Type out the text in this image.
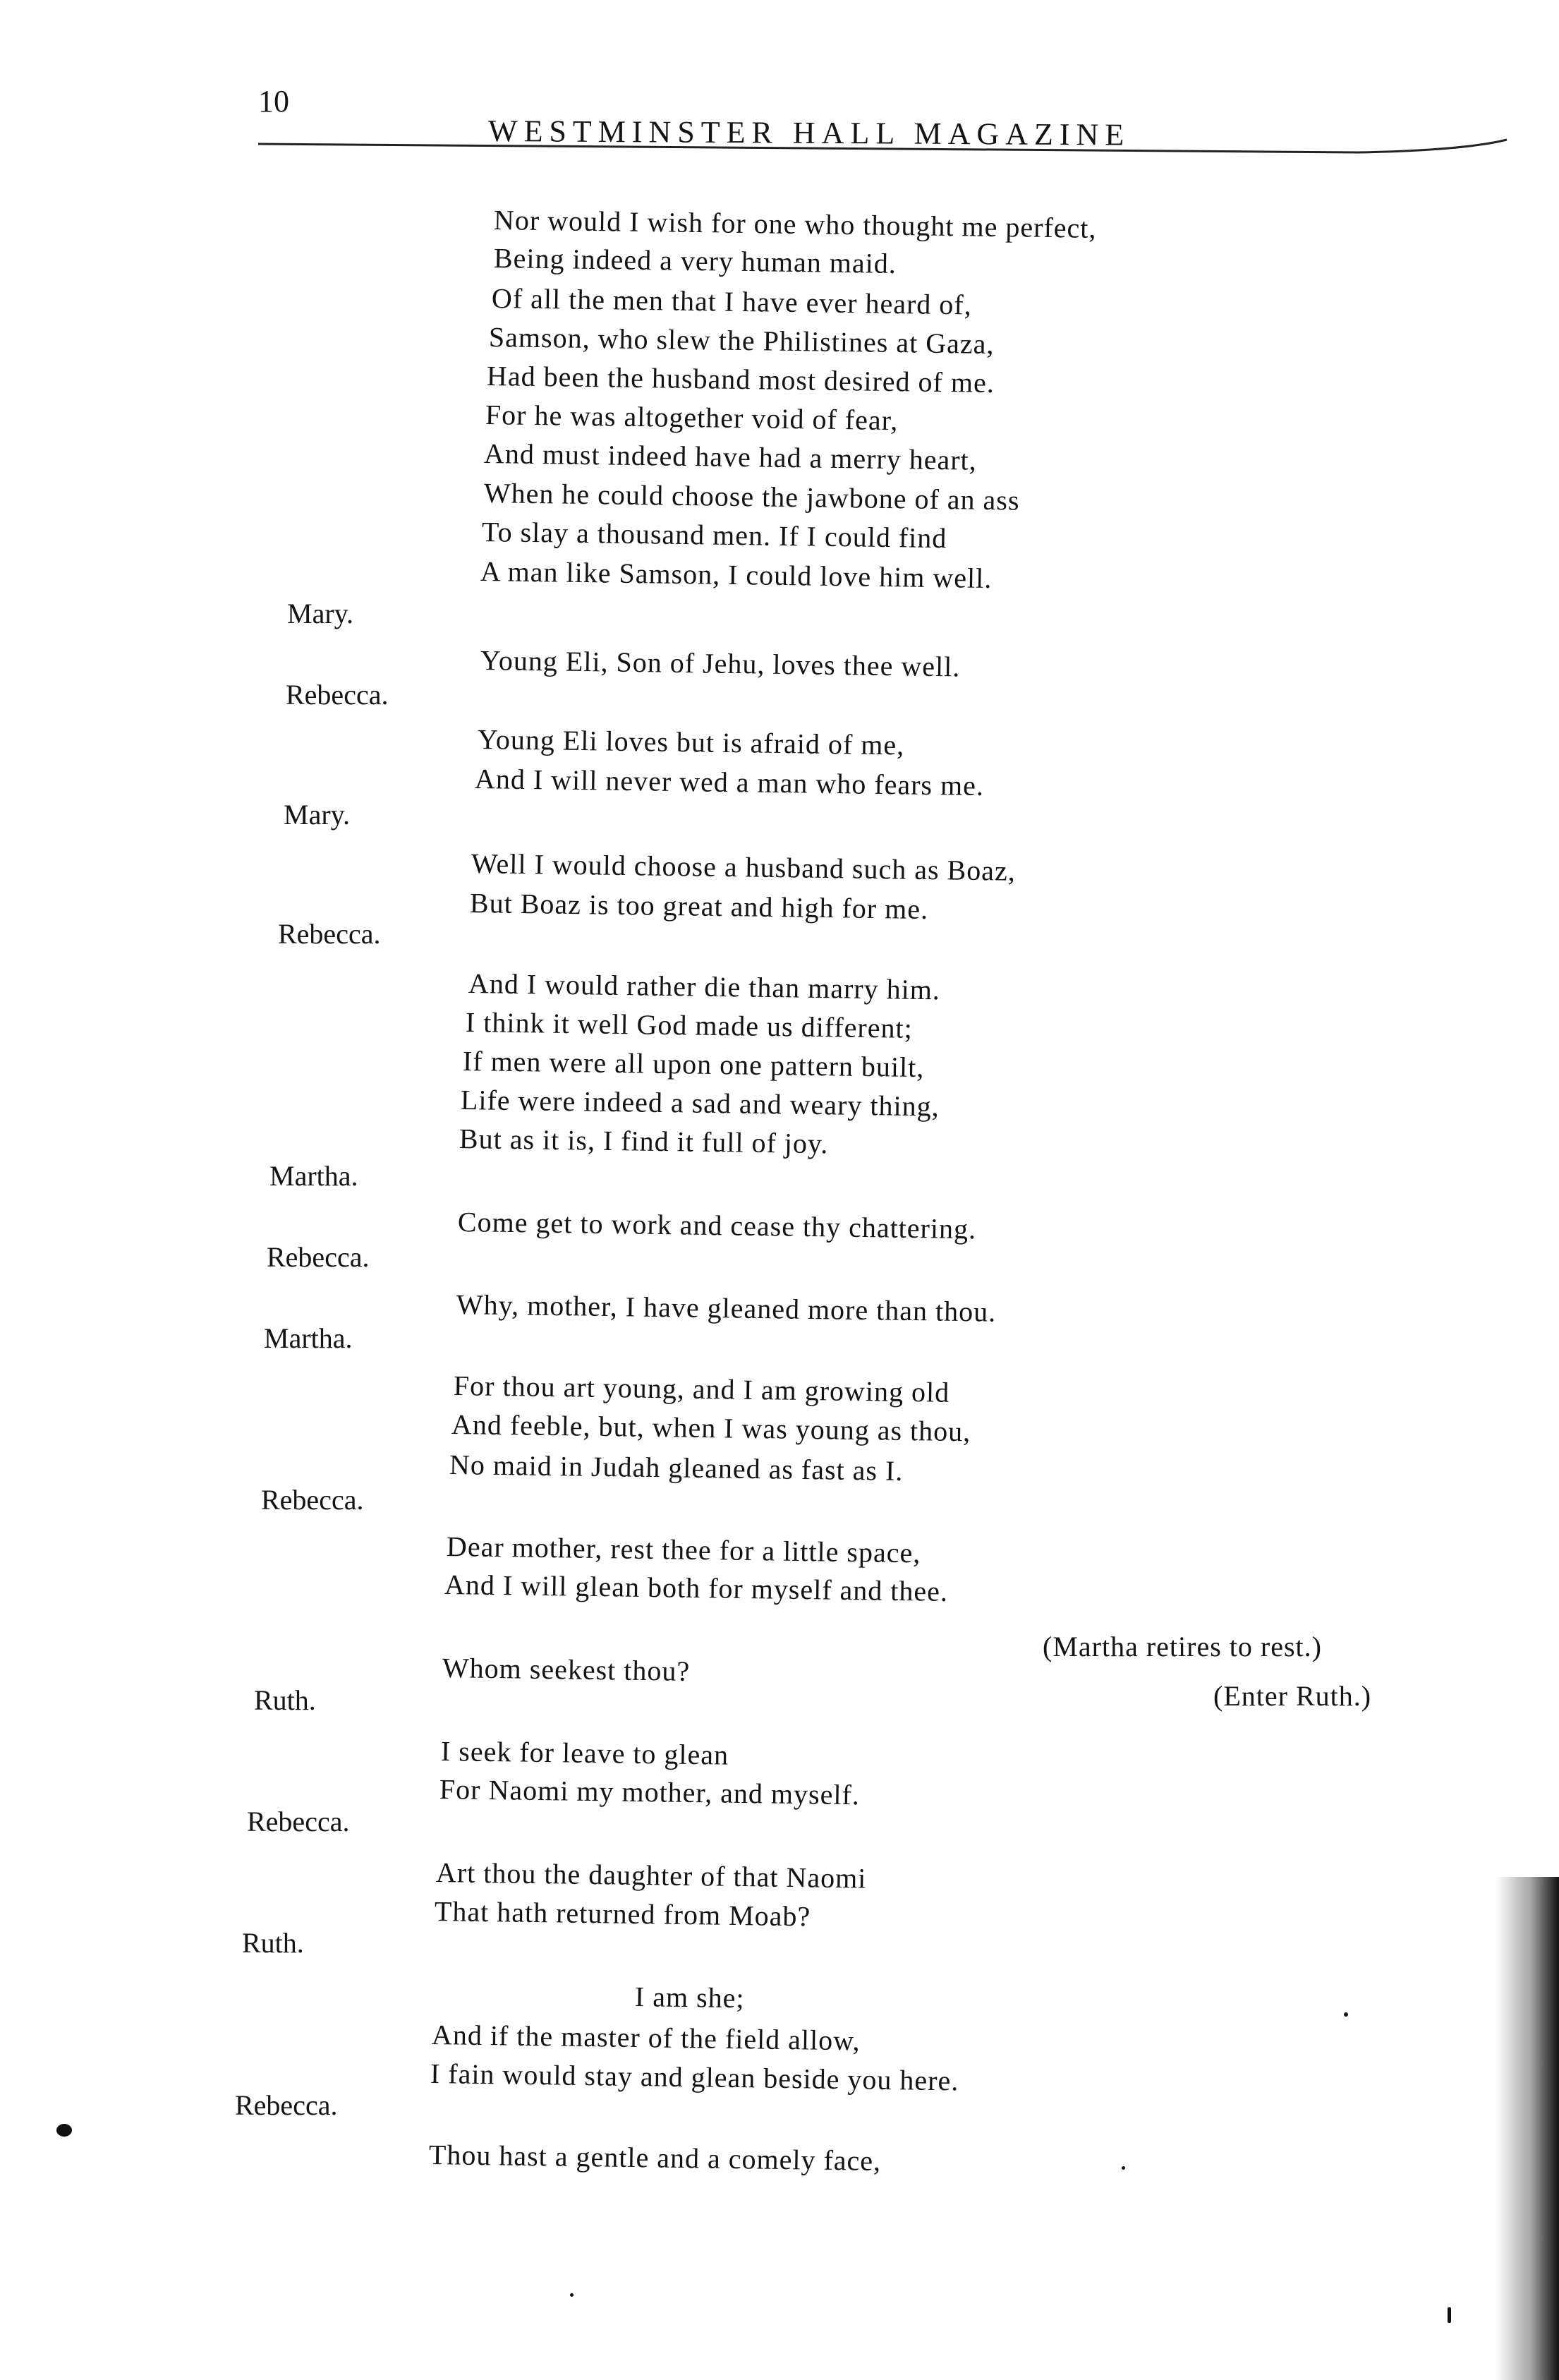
10
WESTMINSTER HALL MAGAZINE
Mary.
Rebecca.
Mary.
Rebecca.
Martha.
Rebecca.
Martha.
Rebecca.
Ruth.
Rebecca.
Ruth.
Rebecca.
Nor would I wish for one who thought me perfect,
Being indeed a very human maid.
Of all the men that I have ever heard of,
Samson, who slew the Philistines at Gaza,
Had been the husband most desired of me.
For he was altogether void of fear,
And must indeed have had a merry heart,
When he could choose the jawbone of an ass
To slay a thousand men. If I could find
A man like Samson, I could love him well.
Young Eli, Son of Jehu, loves thee well.
Young Eli loves but is afraid of me,
And I will never wed a man who fears me.
Well I would choose a husband such as Boaz,
But Boaz is too great and high for me.
And I would rather die than marry him.
I think it well God made us different;
If men were all upon one pattern built,
Life were indeed a sad and weary thing,
But as it is, I find it full of joy.
Come get to work and cease thy chattering.
Why, mother, I have gleaned more than thou.
For thou art young, and I am growing old
And feeble, but, when I was young as thou,
No maid in Judah gleaned as fast as I.
Dear mother, rest thee for a little space,
And I will glean both for myself and thee.
(Martha retires to rest.)
Whom seekest thou?
(Enter Ruth.)
I seek for leave to glean
For Naomi my mother, and myself.
Art thou the daughter of that Naomi
That hath returned from Moab?
I am she;
And if the master of the field allow,
I fain would stay and glean beside you here.
Thou hast a gentle and a comely face,
